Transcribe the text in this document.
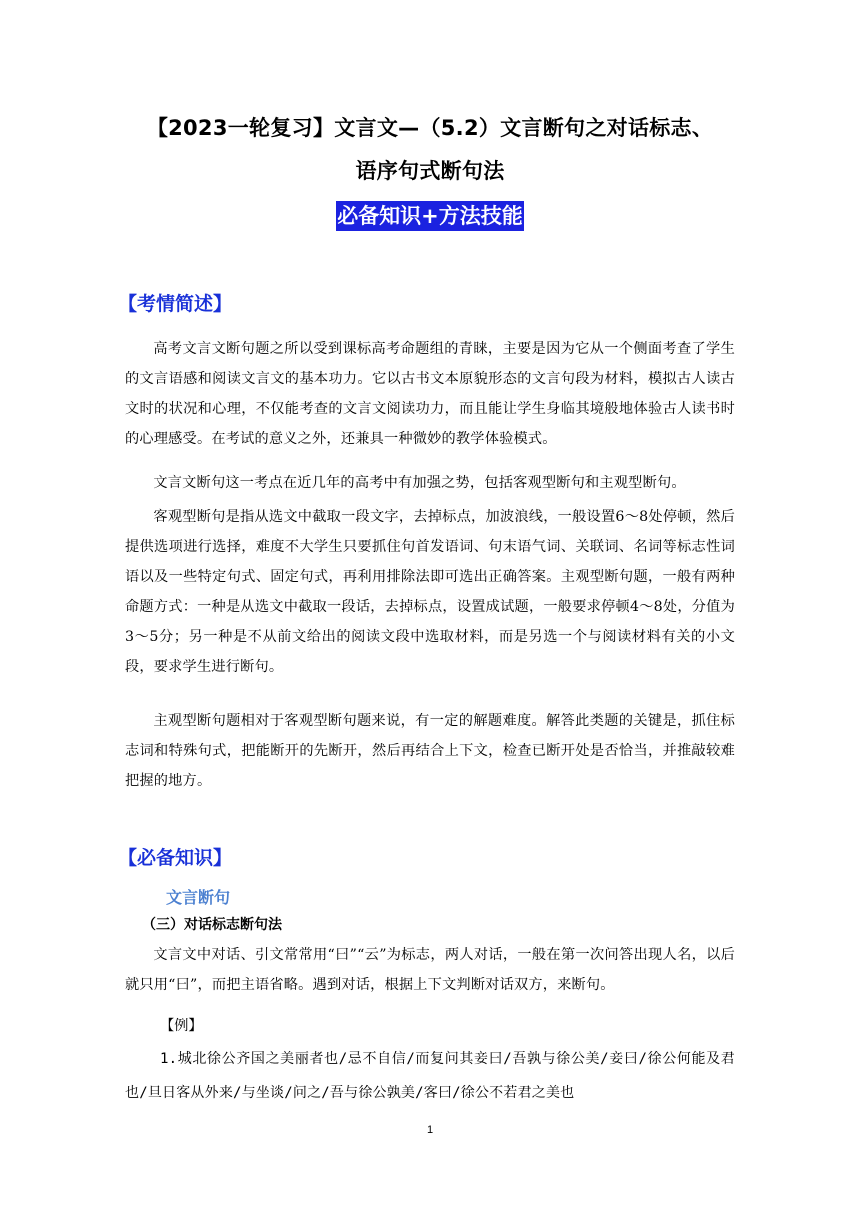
【2023一轮复习】文言文—（5.2）文言断句之对话标志、
语序句式断句法
必备知识+方法技能
【考情简述】
高考文言文断句题之所以受到课标高考命题组的青睐，主要是因为它从一个侧面考查了学生的文言语感和阅读文言文的基本功力。它以古书文本原貌形态的文言句段为材料，模拟古人读古文时的状况和心理，不仅能考查的文言文阅读功力，而且能让学生身临其境般地体验古人读书时的心理感受。在考试的意义之外，还兼具一种微妙的教学体验模式。
文言文断句这一考点在近几年的高考中有加强之势，包括客观型断句和主观型断句。
客观型断句是指从选文中截取一段文字，去掉标点，加波浪线，一般设置6～8处停顿，然后提供选项进行选择，难度不大学生只要抓住句首发语词、句末语气词、关联词、名词等标志性词语以及一些特定句式、固定句式，再利用排除法即可选出正确答案。主观型断句题，一般有两种命题方式：一种是从选文中截取一段话，去掉标点，设置成试题，一般要求停顿4～8处，分值为3～5分；另一种是不从前文给出的阅读文段中选取材料，而是另选一个与阅读材料有关的小文段，要求学生进行断句。
主观型断句题相对于客观型断句题来说，有一定的解题难度。解答此类题的关键是，抓住标志词和特殊句式，把能断开的先断开，然后再结合上下文，检查已断开处是否恰当，并推敲较难把握的地方。
【必备知识】
文言断句
（三）对话标志断句法
文言文中对话、引文常常用“曰”“云”为标志，两人对话，一般在第一次问答出现人名，以后就只用“曰”，而把主语省略。遇到对话，根据上下文判断对话双方，来断句。
【例】
1.城北徐公齐国之美丽者也/忌不自信/而复问其妾曰/吾孰与徐公美/妾曰/徐公何能及君也/旦日客从外来/与坐谈/问之/吾与徐公孰美/客曰/徐公不若君之美也
1
